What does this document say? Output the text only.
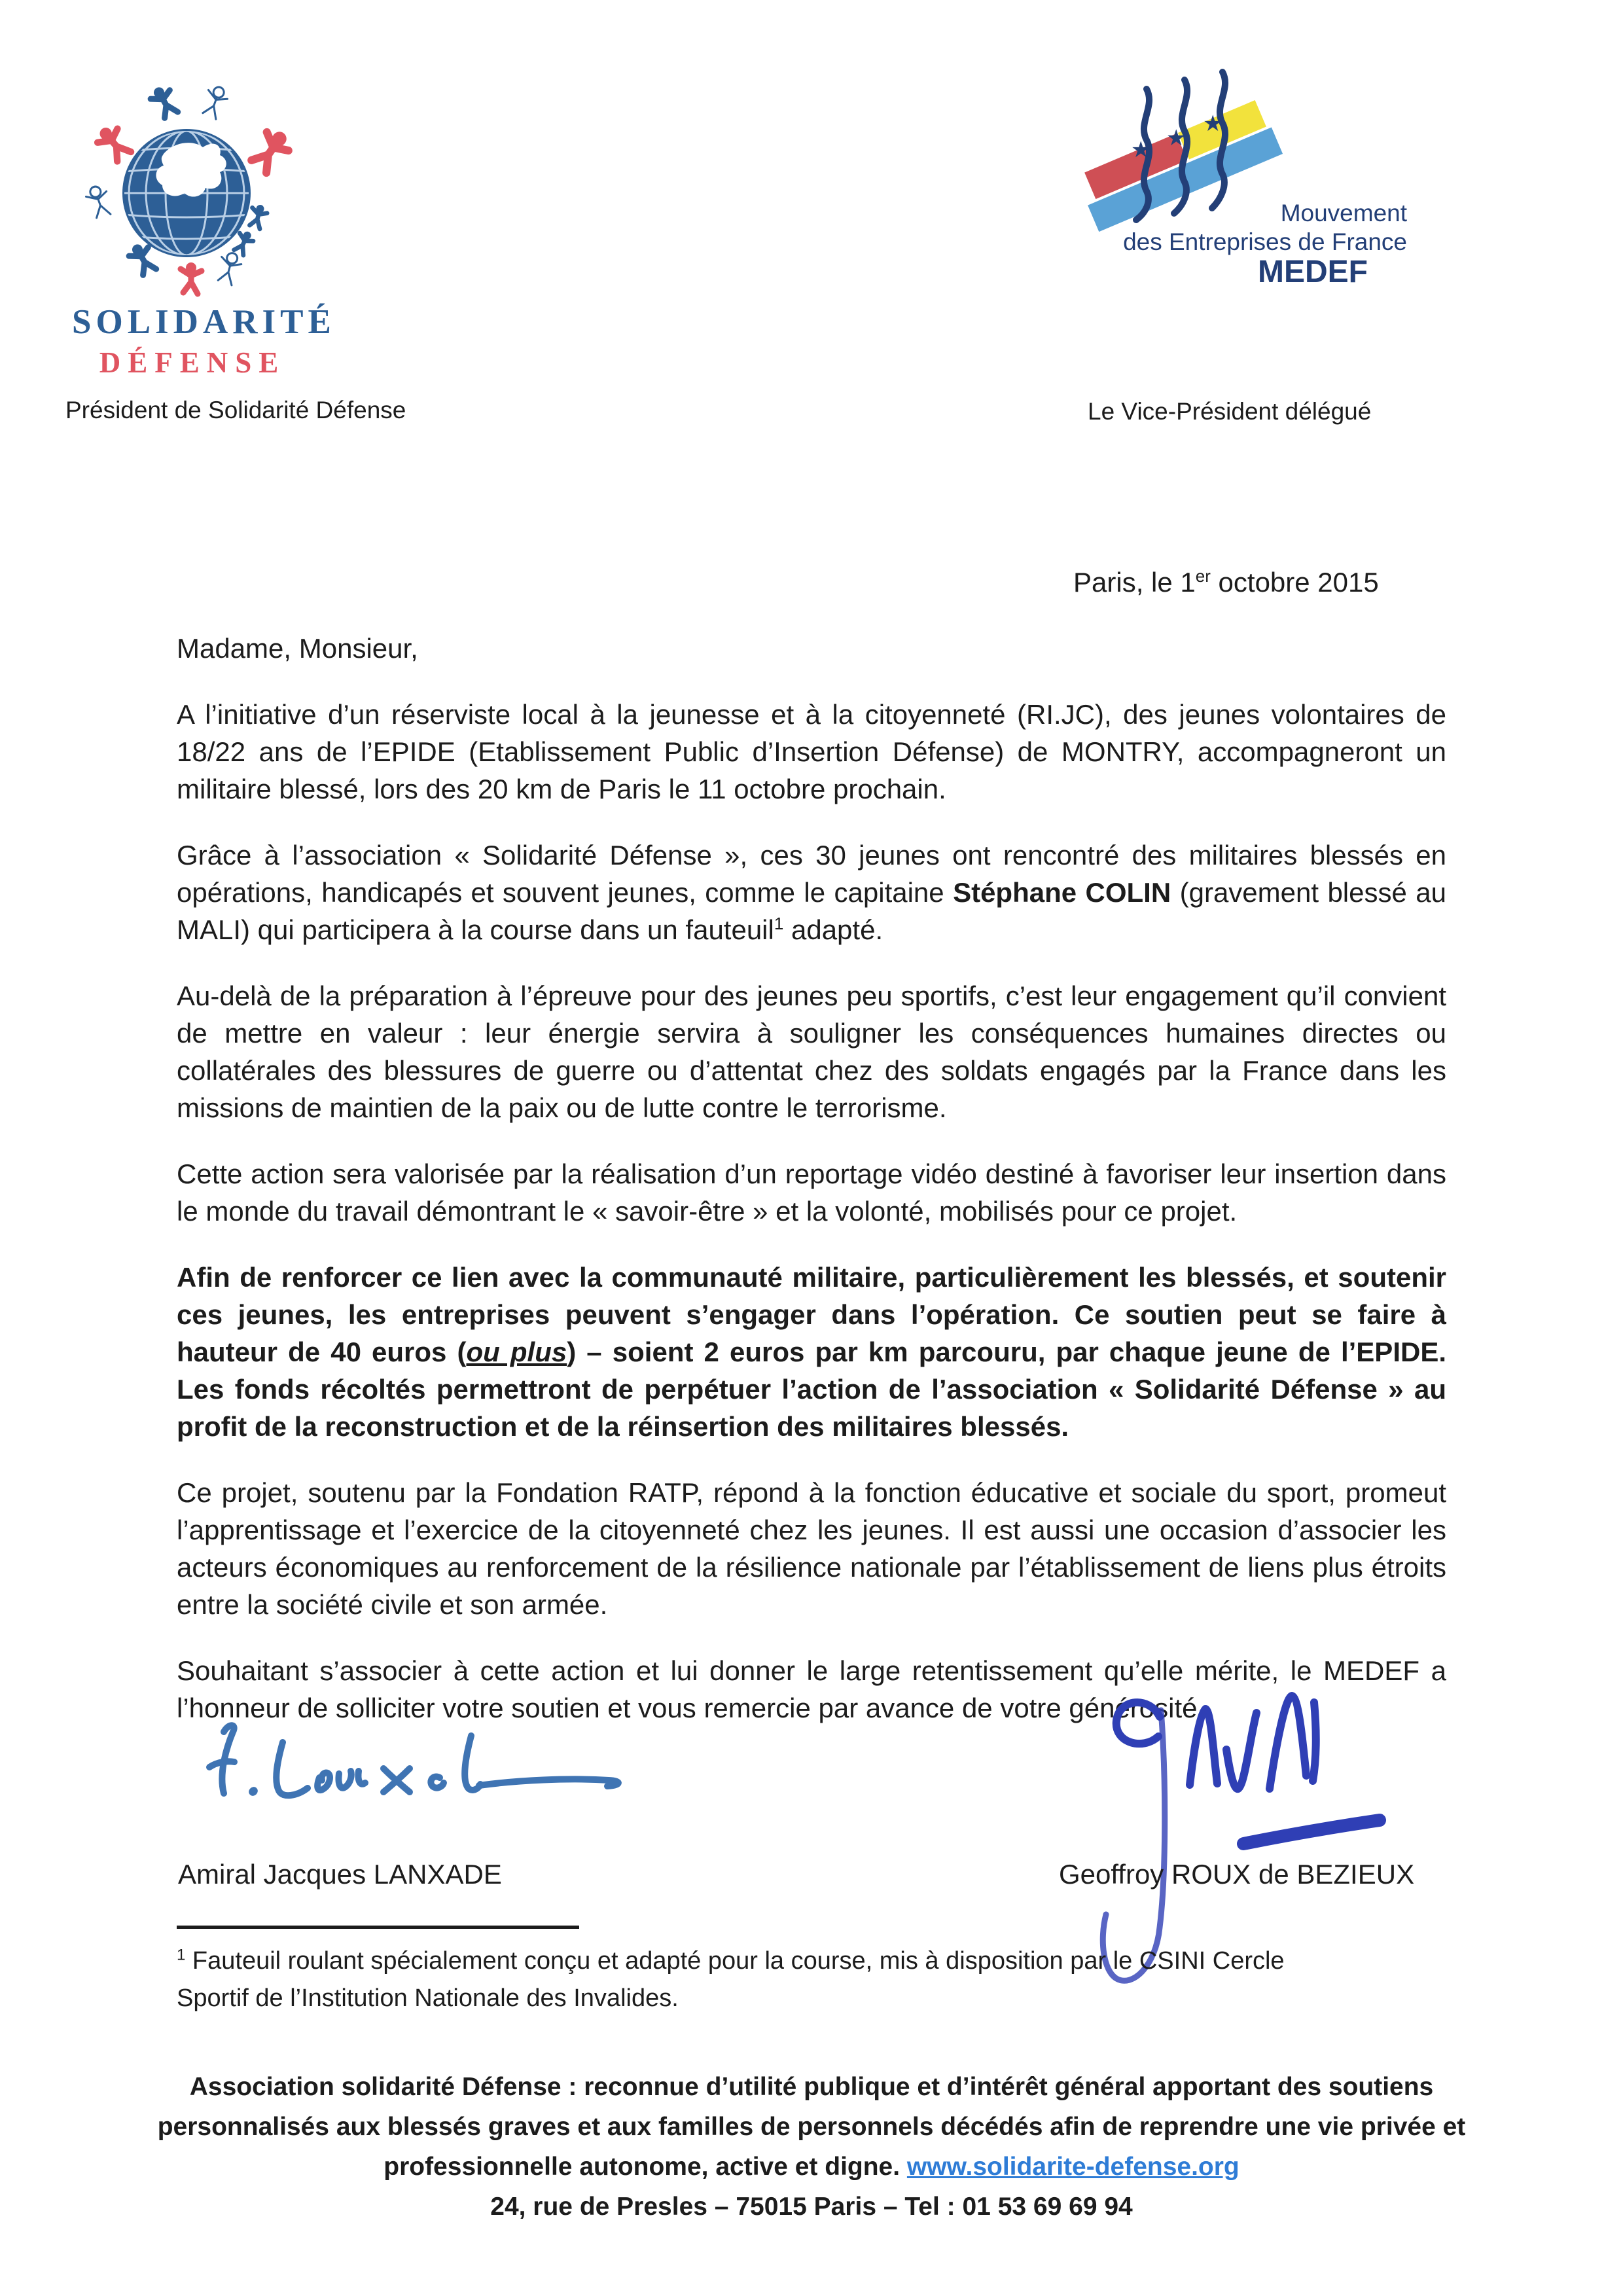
SOLIDARITÉ
DÉFENSE
★ ★
★
Mouvement
des Entreprises de France
MEDEF
Président de Solidarité Défense	Le Vice-Président délégué
Paris, le 1er octobre 2015

Madame, Monsieur,

A l’initiative d’un réserviste local à la jeunesse et à la citoyenneté (RI.JC), des jeunes volontaires de 18/22 ans de l’EPIDE (Etablissement Public d’Insertion Défense) de MONTRY, accompagneront un militaire blessé, lors des 20 km de Paris le 11 octobre prochain.

Grâce à l’association « Solidarité Défense », ces 30 jeunes ont rencontré des militaires blessés en opérations, handicapés et souvent jeunes, comme le capitaine Stéphane COLIN (gravement blessé au MALI) qui participera à la course dans un fauteuil$^1$ adapté.

Au-delà de la préparation à l’épreuve pour des jeunes peu sportifs, c’est leur engagement qu’il convient de mettre en valeur : leur énergie servira à souligner les conséquences humaines directes ou collatérales des blessures de guerre ou d’attentat chez des soldats engagés par la France dans les missions de maintien de la paix ou de lutte contre le terrorisme.

Cette action sera valorisée par la réalisation d’un reportage vidéo destiné à favoriser leur insertion dans le monde du travail démontrant le « savoir-être » et la volonté, mobilisés pour ce projet.

Afin de renforcer ce lien avec la communauté militaire, particulièrement les blessés, et soutenir ces jeunes, les entreprises peuvent s’engager dans l’opération. Ce soutien peut se faire à hauteur de 40 euros (ou plus) – soient 2 euros par km parcouru, par chaque jeune de l’EPIDE. Les fonds récoltés permettront de perpétuer l’action de l’association « Solidarité Défense » au profit de la reconstruction et de la réinsertion des militaires blessés.

Ce projet, soutenu par la Fondation RATP, répond à la fonction éducative et sociale du sport, promeut l’apprentissage et l’exercice de la citoyenneté chez les jeunes. Il est aussi une occasion d’associer les acteurs économiques au renforcement de la résilience nationale par l’établissement de liens plus étroits entre la société civile et son armée.

Souhaitant s’associer à cette action et lui donner le large retentissement qu’elle mérite, le MEDEF a l’honneur de solliciter votre soutien et vous remercie par avance de votre générosité.

Amiral Jacques LANXADE	Geoffroy ROUX de BEZIEUX
$^1$ Fauteuil roulant spécialement conçu et adapté pour la course, mis à disposition par le CSINI Cercle Sportif de l’Institution Nationale des Invalides.
Association solidarité Défense : reconnue d’utilité publique et d’intérêt général apportant des soutiens
personnalisés aux blessés graves et aux familles de personnels décédés afin de reprendre une vie privée et
professionnelle autonome, active et digne. www.solidarite-defense.org
24, rue de Presles – 75015 Paris – Tel : 01 53 69 69 94
